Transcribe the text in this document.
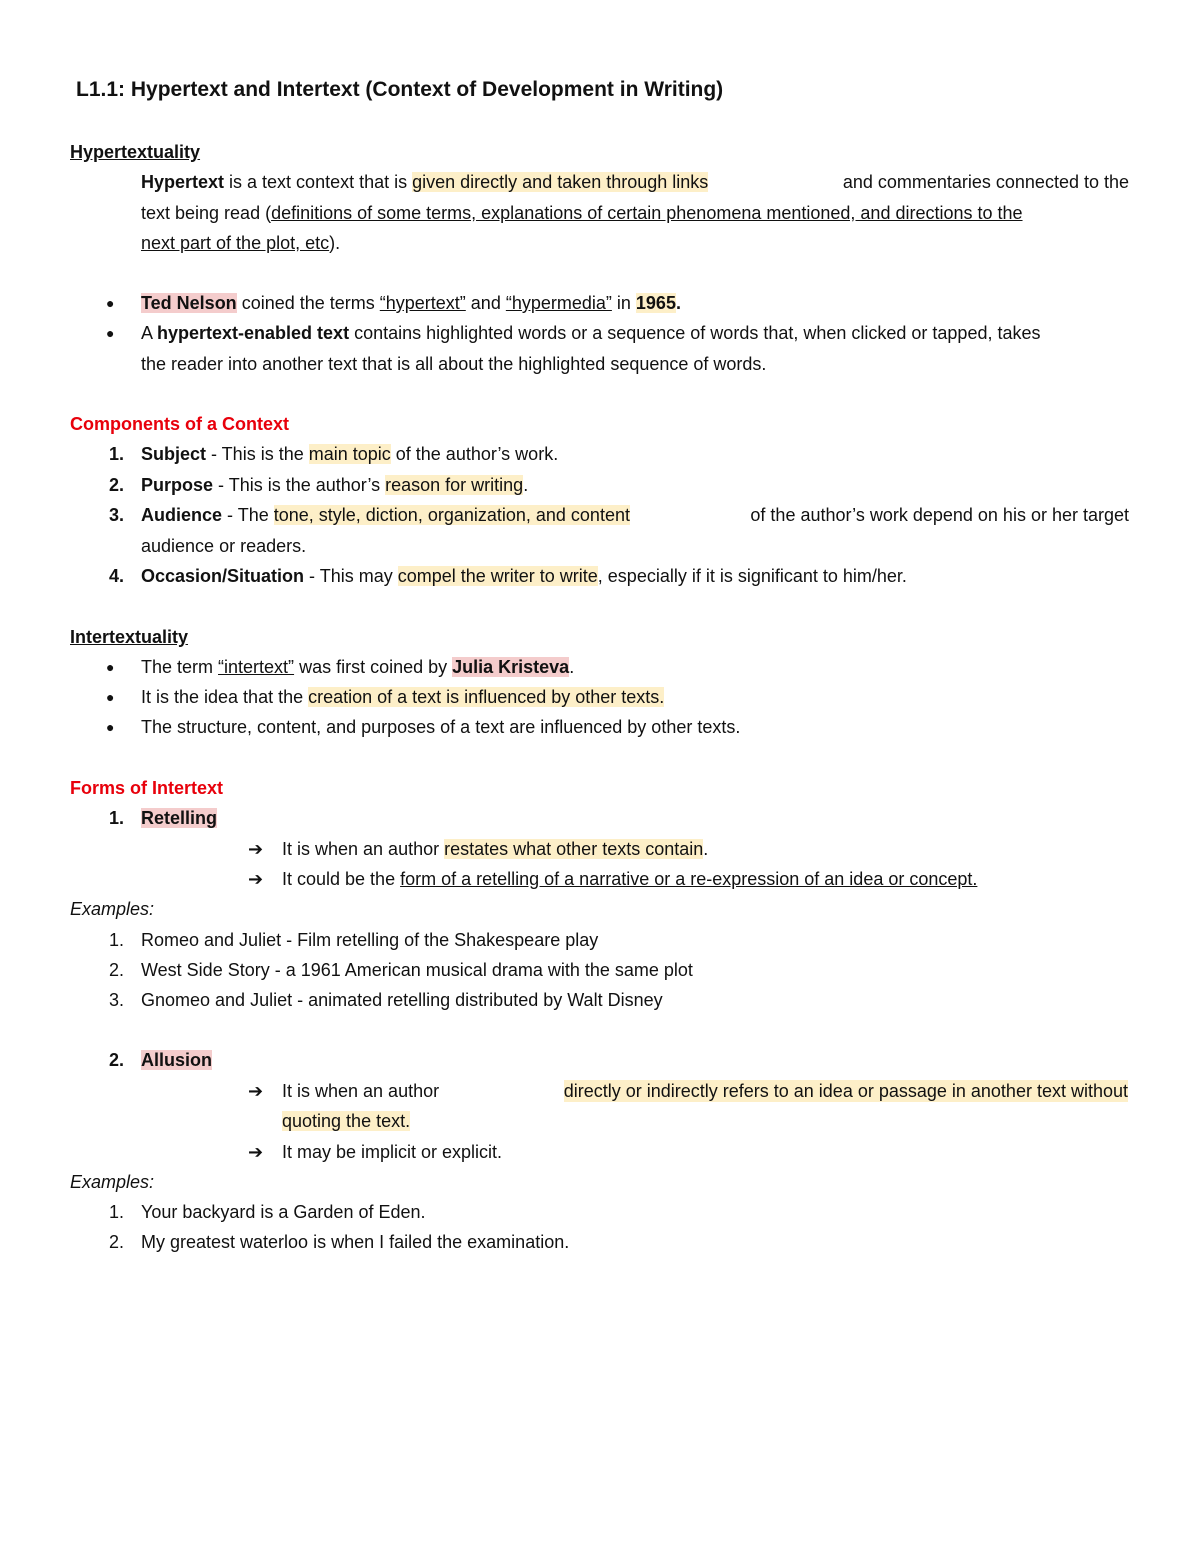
L1.1: Hypertext and Intertext (Context of Development in Writing)
Hypertextuality
Hypertext is a text context that is given directly and taken through links	and commentaries connected to the
text being read (definitions of some terms, explanations of certain phenomena mentioned, and directions to the
next part of the plot, etc).
● Ted Nelson coined the terms “hypertext” and “hypermedia” in 1965.
● A hypertext-enabled text contains highlighted words or a sequence of words that, when clicked or tapped, takes
the reader into another text that is all about the highlighted sequence of words.
Components of a Context
1. Subject - This is the main topic of the author’s work.
2. Purpose - This is the author’s reason for writing.
3. Audience - The tone, style, diction, organization, and content	of the author’s work depend on his or her target
audience or readers.
4. Occasion/Situation - This may compel the writer to write, especially if it is significant to him/her.
Intertextuality
● The term “intertext” was first coined by Julia Kristeva.
● It is the idea that the creation of a text is influenced by other texts.
● The structure, content, and purposes of a text are influenced by other texts.
Forms of Intertext
1. Retelling
➔ It is when an author restates what other texts contain.
➔ It could be the form of a retelling of a narrative or a re-expression of an idea or concept.
Examples:
1. Romeo and Juliet - Film retelling of the Shakespeare play
2. West Side Story - a 1961 American musical drama with the same plot
3. Gnomeo and Juliet - animated retelling distributed by Walt Disney
2. Allusion
➔ It is when an author	directly or indirectly refers to an idea or passage in another text without
quoting the text.
➔ It may be implicit or explicit.
Examples:
1. Your backyard is a Garden of Eden.
2. My greatest waterloo is when I failed the examination.
